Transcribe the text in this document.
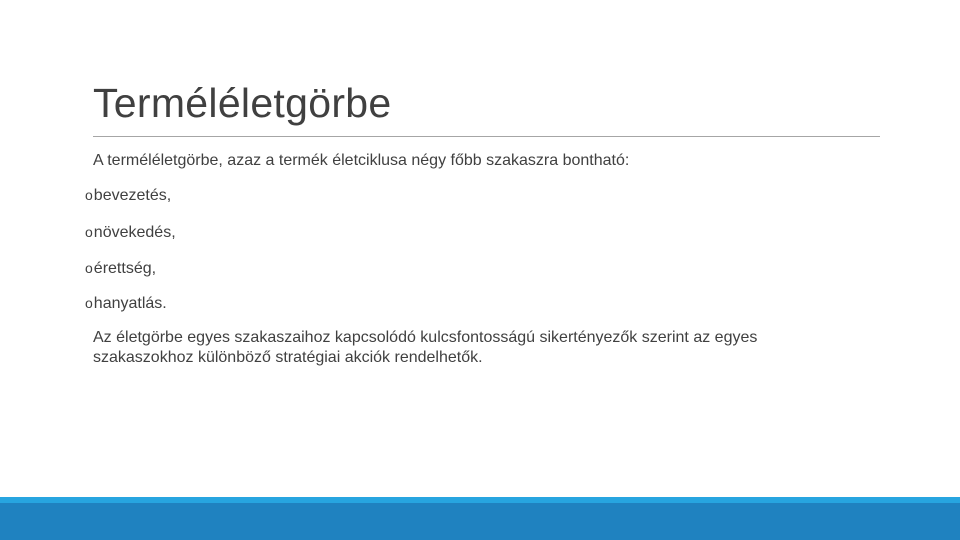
Terméléletgörbe
A terméléletgörbe, azaz a termék életciklusa négy főbb szakaszra bontható:
o bevezetés,
o növekedés,
o érettség,
o hanyatlás.
Az életgörbe egyes szakaszaihoz kapcsolódó kulcsfontosságú sikertényezők szerint az egyes szakaszokhoz különböző stratégiai akciók rendelhetők.
